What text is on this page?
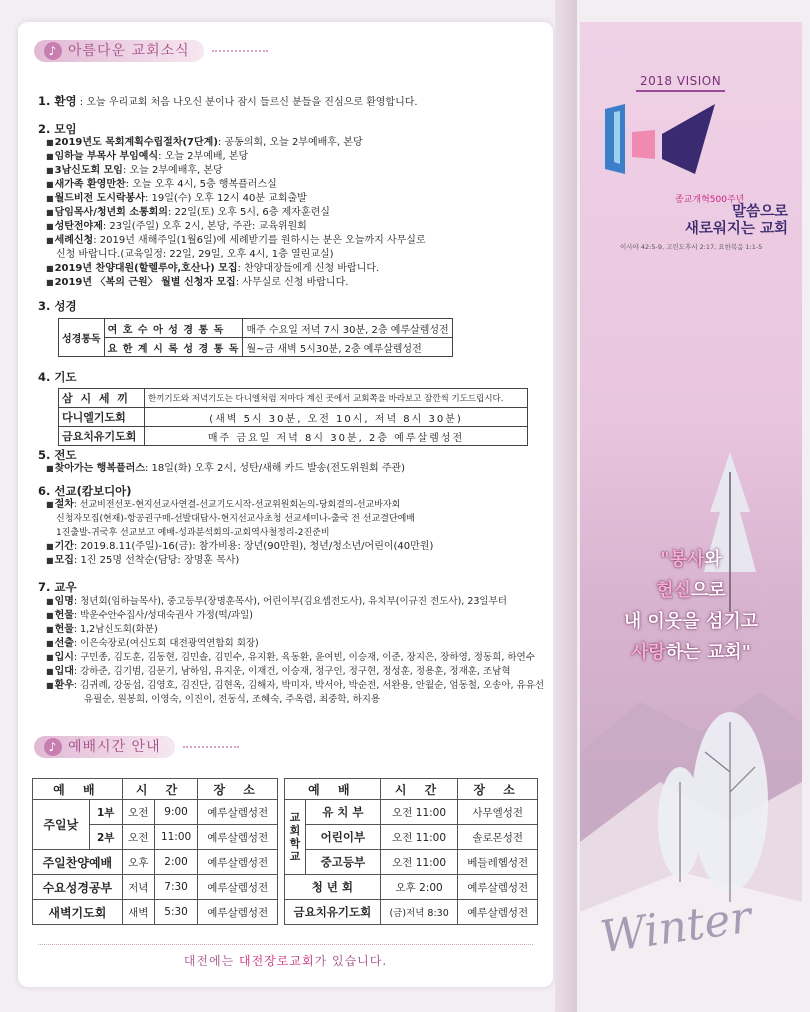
♪ 아름다운 교회소식
1. 환영 : 오늘 우리교회 처음 나오신 분이나 잠시 들르신 분들을 진심으로 환영합니다.
2. 모임
■2019년도 목회계획수립절차(7단계): 공동의회, 오늘 2부예배후, 본당
■임하늘 부목사 부임예식: 오늘 2부예배, 본당
■3남신도회 모임: 오늘 2부예배후, 본당
■새가족 환영만찬: 오늘 오후 4시, 5층 행복플러스실
■월드비전 도시락봉사: 19일(수) 오후 12시 40분 교회출발
■담임목사/청년회 소통회의: 22일(토) 오후 5시, 6층 제자훈련실
■성탄전야제: 23일(주일) 오후 2시, 본당, 주관: 교육위원회
■세례신청: 2019년 새해주일(1월6일)에 세례받기를 원하시는 분은 오늘까지 사무실로
신청 바랍니다.(교육일정: 22일, 29일, 오후 4시, 1층 열린교실)
■2019년 찬양대원(할렐루야,호산나) 모집: 찬양대장들에게 신청 바랍니다.
■2019년 〈복의 근원〉 월별 신청자 모집: 사무실로 신청 바랍니다.
3. 성경
성경통독	여 호 수 아 성 경 통 독	매주 수요일 저녁 7시 30분, 2층 예루살렘성전
	요 한 계 시 록 성 경 통 독	월~금 새벽 5시30분, 2층 예루살렘성전
4. 기도
삼 시 세 끼	한끼기도와 저녁기도는 다니엘처럼 저마다 계신 곳에서 교회쪽을 바라보고 잠깐씩 기도드립시다.
다니엘기도회	(새벽 5시 30분, 오전 10시, 저녁 8시 30분)
금요치유기도회	매주 금요일 저녁 8시 30분, 2층 예루살렘성전
5. 전도
■찾아가는 행복플러스: 18일(화) 오후 2시, 성탄/새해 카드 발송(전도위원회 주관)
6. 선교(캄보디아)
■절차: 선교비전선포-현지선교사연결-선교기도시작-선교위원회논의-당회결의-선교바자회
신청자모집(현재)-항공권구매-선발대답사-현지선교사초청 선교세미나-출국 전 선교결단예배
1진출발-귀국후 선교보고 예배-성과분석회의-교회역사철정리-2진준비
■기간: 2019.8.11(주일)-16(금): 참가비용: 장년(90만원), 청년/청소년/어린이(40만원)
■모집: 1진 25명 선착순(담당: 장명훈 목사)
7. 교우
■임명: 청년회(임하늘목사), 중고등부(장명훈목사), 어린이부(김요셉전도사), 유치부(이규진 전도사), 23일부터
■헌물: 박운수안수집사/성대숙권사 가정(떡/과일)
■헌물: 1,2남신도회(화분)
■선출: 이은숙장로(여신도회 대전광역연합회 회장)
■입시: 구민종, 김도훈, 김동현, 김민솔, 김민수, 유지환, 육동환, 윤여빈, 이승재, 이준, 장지은, 장하영, 정동희, 하연수
■입대: 강하준, 김기범, 김문기, 남하임, 유지운, 이재건, 이승재, 정구인, 정구현, 정성훈, 정용훈, 정재훈, 조남혁
■환우: 김귀례, 강동섭, 김영호, 김진단, 김현옥, 김해자, 박미자, 박서아, 박순전, 서완용, 안월순, 엄동철, 오송아, 유유선
유필순, 원봉희, 이영숙, 이진이, 전동식, 조혜숙, 주옥렴, 최중학, 하지용
♪ 예배시간 안내
예 배		시 간		장 소
주일낮	1부	오전	9:00	예루살렘성전
	2부	오전	11:00	예루살렘성전
주일찬양예배		오후	2:00	예루살렘성전
수요성경공부		저녁	7:30	예루살렘성전
새벽기도회		새벽	5:30	예루살렘성전
예 배		시 간	장 소
교회학교	유 치 부	오전 11:00	사무엘성전
	어린이부	오전 11:00	솔로몬성전
	중고등부	오전 11:00	베들레헴성전
청 년 회		오후 2:00	예루살렘성전
금요치유기도회		(금)저녁 8:30	예루살렘성전
대전에는 대전장로교회가 있습니다.
2018 VISION
종교개혁500주년
말씀으로
새로워지는 교회
이사야 42:5-9, 고린도후서 2:17, 요한복음 1:1-5
"봉사와
헌신으로
내 이웃을 섬기고
사랑하는 교회"
Winter
